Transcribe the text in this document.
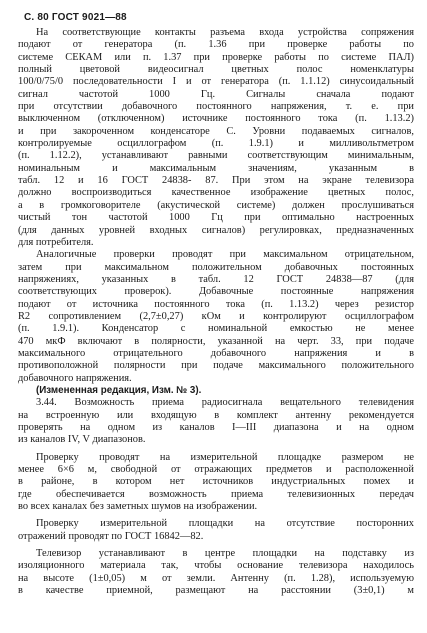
С. 80 ГОСТ 9021—88
На соответствующие контакты разъема входа устройства сопряжения
подают от генератора (п. 1.36 при проверке работы по
системе СЕКАМ или п. 1.37 при проверке работы по системе ПАЛ)
полный цветовой видеосигнал цветных полос номенклатуры
100/0/75/0 последовательности I и от генератора (п. 1.1.12) синусоидальный
сигнал частотой 1000 Гц. Сигналы сначала подают
при отсутствии добавочного постоянного напряжения, т. е. при
выключенном (отключенном) источнике постоянного тока (п. 1.13.2)
и при закороченном конденсаторе C. Уровни подаваемых сигналов,
контролируемые осциллографом (п. 1.9.1) и милливольтметром
(п. 1.12.2), устанавливают равными соответствующим минимальным,
номинальным и максимальным значениям, указанным в
табл. 12 и 16 ГОСТ 24838‑ 87. При этом на экране телевизора
должно воспроизводиться качественное изображение цветных полос,
а в громкоговорителе (акустической системе) должен прослушиваться
чистый тон частотой 1000 Гц при оптимально настроенных
(для данных уровней входных сигналов) регулировках, предназначенных
для потребителя.
Аналогичные проверки проводят при максимальном отрицательном,
затем при максимальном положительном добавочных постоянных
напряжениях, указанных в табл. 12 ГОСТ 24838—87 (для
соответствующих проверок). Добавочные постоянные напряжения
подают от источника постоянного тока (п. 1.13.2) через резистор
R2 сопротивлением (2,7±0,27) кОм и контролируют осциллографом
(п. 1.9.1). Конденсатор с номинальной емкостью не менее
470 мкФ включают в полярности, указанной на черт. 33, при подаче
максимального отрицательного добавочного напряжения и в
противоположной полярности при подаче максимального положительного
добавочного напряжения.
(Измененная редакция, Изм. № 3).
3.44. Возможность приема радиосигнала вещательного телевидения
на встроенную или входящую в комплект антенну рекомендуется
проверять на одном из каналов I—III диапазона и на одном
из каналов IV, V диапазонов.
Проверку проводят на измерительной площадке размером не
менее 6×6 м, свободной от отражающих предметов и расположенной
в районе, в котором нет источников индустриальных помех и
где обеспечивается возможность приема телевизионных передач
во всех каналах без заметных шумов на изображении.
Проверку измерительной площадки на отсутствие посторонних
отражений проводят по ГОСТ 16842—82.
Телевизор устанавливают в центре площадки на подставку из
изоляционного материала так, чтобы основание телевизора находилось
на высоте (1±0,05) м от земли. Антенну (п. 1.28), используемую
в качестве приемной, размещают на расстоянии (3±0,1) м
